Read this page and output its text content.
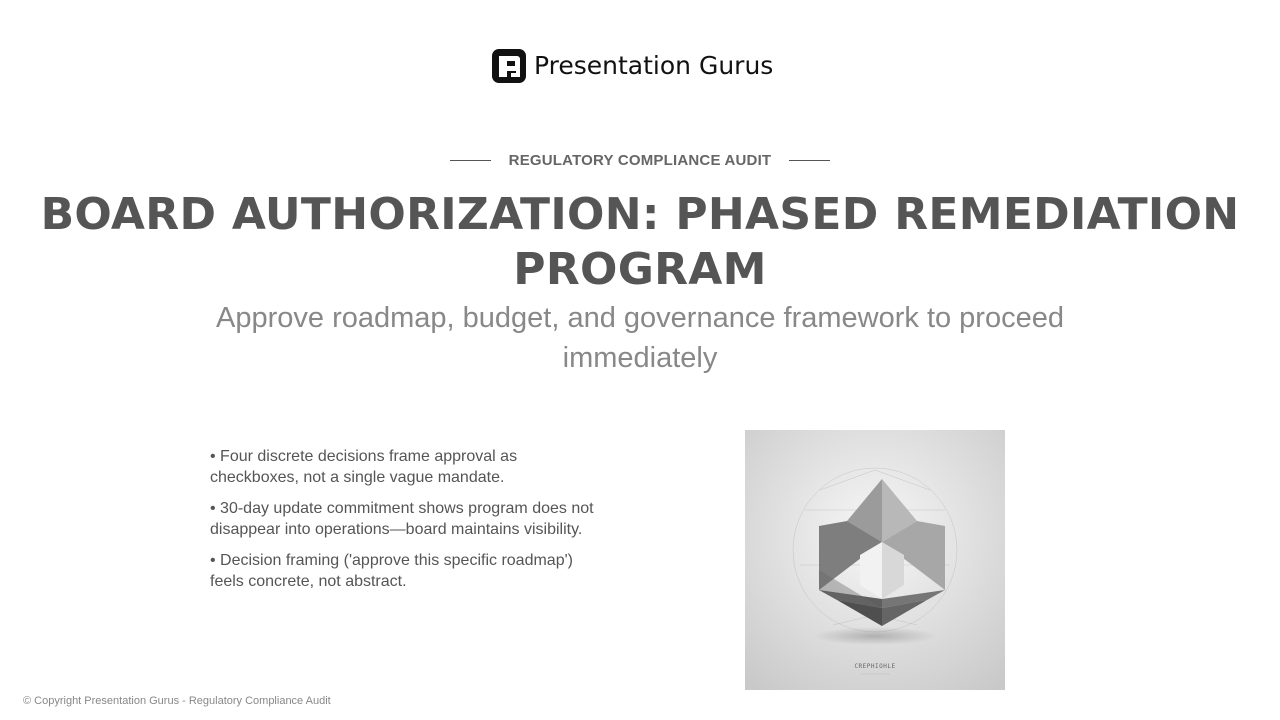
Presentation Gurus
REGULATORY COMPLIANCE AUDIT
BOARD AUTHORIZATION: PHASED REMEDIATION PROGRAM

Approve roadmap, budget, and governance framework to proceed immediately

• Four discrete decisions frame approval as checkboxes, not a single vague mandate.
• 30-day update commitment shows program does not disappear into operations—board maintains visibility.
• Decision framing ('approve this specific roadmap') feels concrete, not abstract.
CREPHIOHLE
© Copyright Presentation Gurus - Regulatory Compliance Audit
